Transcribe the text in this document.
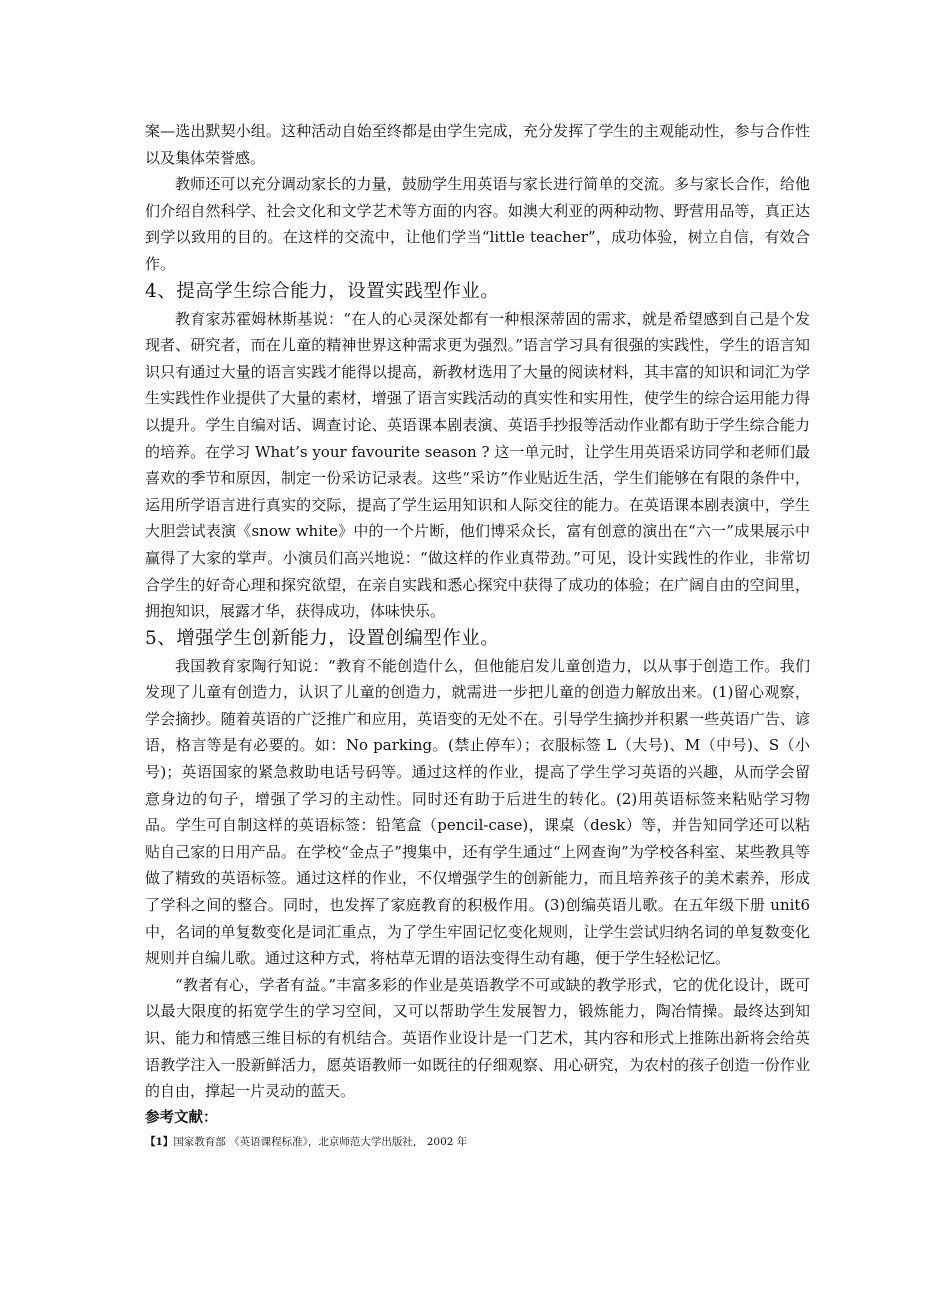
案—选出默契小组。这种活动自始至终都是由学生完成，充分发挥了学生的主观能动性，参与合作性以及集体荣誉感。

教师还可以充分调动家长的力量，鼓励学生用英语与家长进行简单的交流。多与家长合作，给他们介绍自然科学、社会文化和文学艺术等方面的内容。如澳大利亚的两种动物、野营用品等，真正达到学以致用的目的。在这样的交流中，让他们学当“little teacher”，成功体验，树立自信，有效合作。

4、提高学生综合能力，设置实践型作业。

教育家苏霍姆林斯基说：“在人的心灵深处都有一种根深蒂固的需求，就是希望感到自己是个发现者、研究者，而在儿童的精神世界这种需求更为强烈。”语言学习具有很强的实践性，学生的语言知识只有通过大量的语言实践才能得以提高，新教材选用了大量的阅读材料，其丰富的知识和词汇为学生实践性作业提供了大量的素材，增强了语言实践活动的真实性和实用性，使学生的综合运用能力得以提升。学生自编对话、调查讨论、英语课本剧表演、英语手抄报等活动作业都有助于学生综合能力的培养。在学习 What’s your favourite season ? 这一单元时，让学生用英语采访同学和老师们最喜欢的季节和原因，制定一份采访记录表。这些“采访”作业贴近生活，学生们能够在有限的条件中，运用所学语言进行真实的交际，提高了学生运用知识和人际交往的能力。在英语课本剧表演中，学生大胆尝试表演《snow white》中的一个片断，他们博采众长，富有创意的演出在“六一”成果展示中赢得了大家的掌声。小演员们高兴地说：“做这样的作业真带劲。”可见，设计实践性的作业，非常切合学生的好奇心理和探究欲望，在亲自实践和悉心探究中获得了成功的体验；在广阔自由的空间里，拥抱知识，展露才华，获得成功，体味快乐。

5、增强学生创新能力，设置创编型作业。

我国教育家陶行知说：“教育不能创造什么，但他能启发儿童创造力，以从事于创造工作。我们发现了儿童有创造力，认识了儿童的创造力，就需进一步把儿童的创造力解放出来。(1)留心观察，学会摘抄。随着英语的广泛推广和应用，英语变的无处不在。引导学生摘抄并积累一些英语广告、谚语，格言等是有必要的。如：No parking。(禁止停车）；衣服标签 L（大号)、M（中号)、S（小号)；英语国家的紧急救助电话号码等。通过这样的作业，提高了学生学习英语的兴趣，从而学会留意身边的句子，增强了学习的主动性。同时还有助于后进生的转化。(2)用英语标签来粘贴学习物品。学生可自制这样的英语标签：铅笔盒（pencil-case)，课桌（desk）等，并告知同学还可以粘贴自己家的日用产品。在学校“金点子”搜集中，还有学生通过“上网查询”为学校各科室、某些教具等做了精致的英语标签。通过这样的作业，不仅增强学生的创新能力，而且培养孩子的美术素养，形成了学科之间的整合。同时，也发挥了家庭教育的积极作用。(3)创编英语儿歌。在五年级下册 unit6 中，名词的单复数变化是词汇重点，为了学生牢固记忆变化规则，让学生尝试归纳名词的单复数变化规则并自编儿歌。通过这种方式，将枯草无谓的语法变得生动有趣，便于学生轻松记忆。

“教者有心，学者有益。”丰富多彩的作业是英语教学不可或缺的教学形式，它的优化设计，既可以最大限度的拓宽学生的学习空间，又可以帮助学生发展智力，锻炼能力，陶冶情操。最终达到知识、能力和情感三维目标的有机结合。英语作业设计是一门艺术，其内容和形式上推陈出新将会给英语教学注入一股新鲜活力，愿英语教师一如既往的仔细观察、用心研究，为农村的孩子创造一份作业的自由，撑起一片灵动的蓝天。

参考文献：

【1】国家教育部 《英语课程标准》，北京师范大学出版社， 2002 年
